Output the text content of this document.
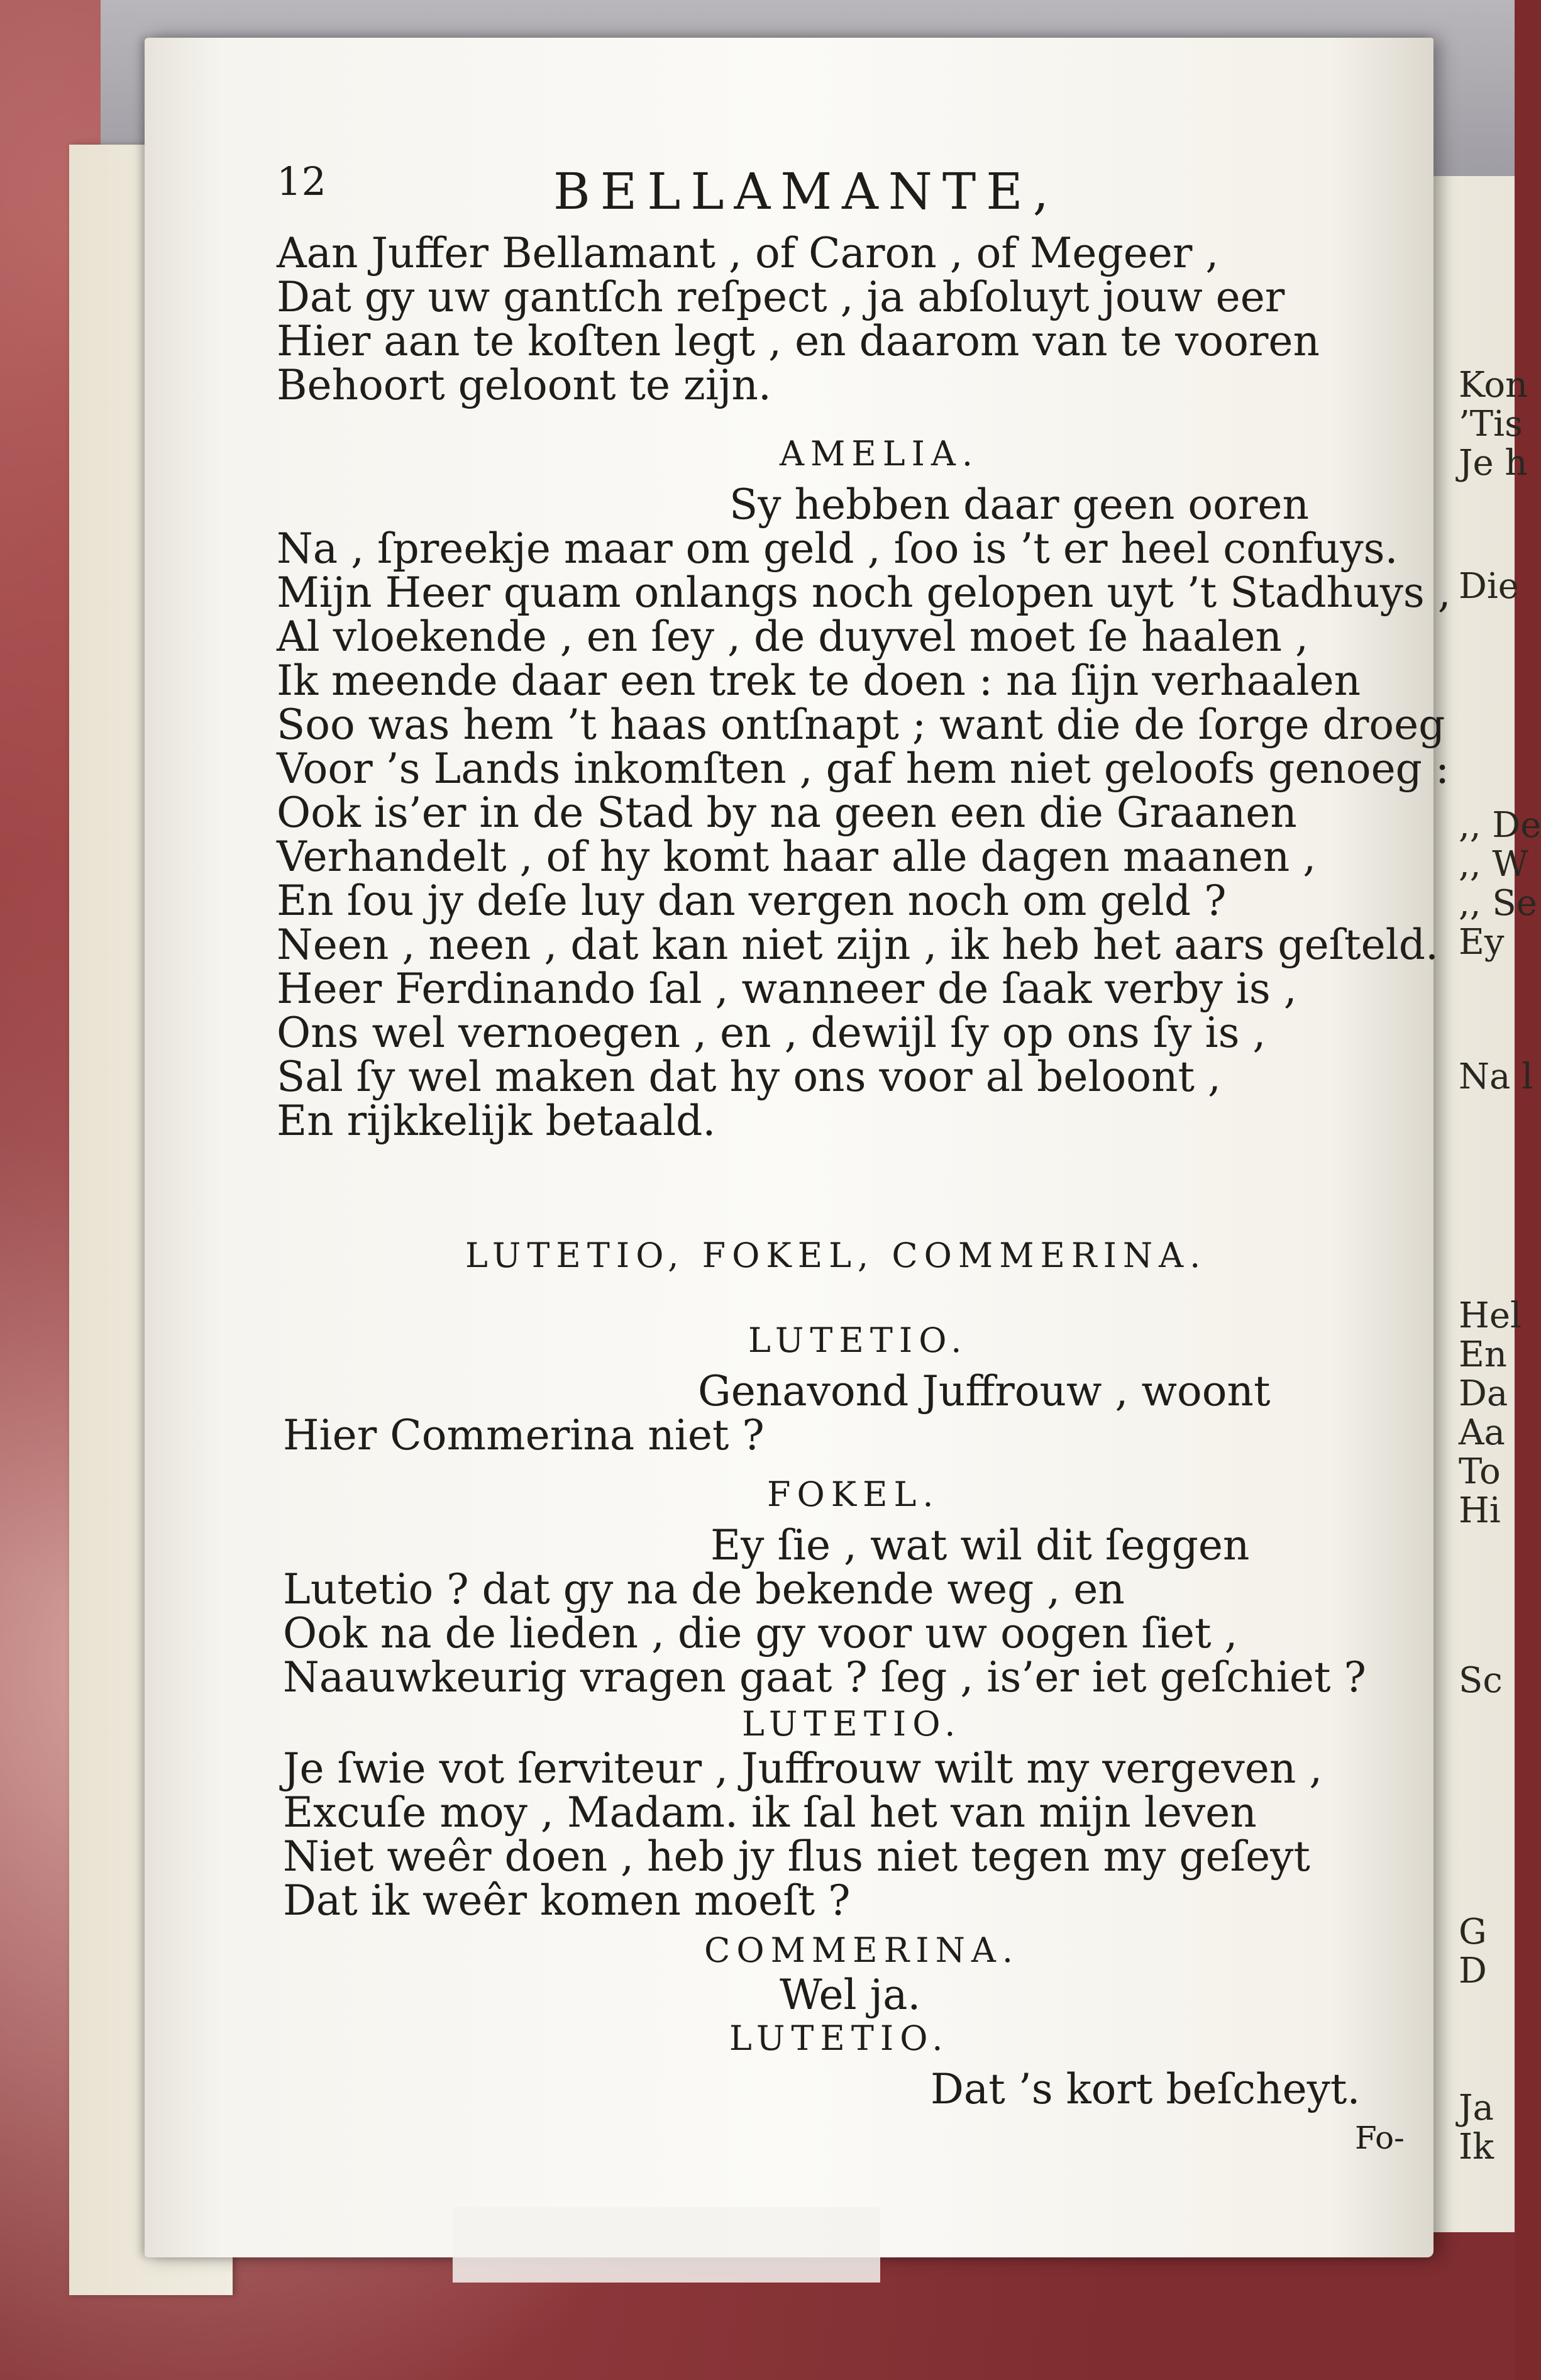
Kon
’Tis
Je h
Die
,, De
,, W
,, Se
Ey
Na l
Hel
En
Da
Aa
To
Hi
Sc
G
D
Ja
Ik
12	BELLAMANTE,
Aan Juffer Bellamant , of Caron , of Megeer ,
Dat gy uw gantſch reſpect , ja abſoluyt jouw eer
Hier aan te koſten legt , en daarom van te vooren
Behoort geloont te zijn.
AMELIA.
Sy hebben daar geen ooren
Na , ſpreekje maar om geld , ſoo is ’t er heel confuys.
Mijn Heer quam onlangs noch gelopen uyt ’t Stadhuys ,
Al vloekende , en ſey , de duyvel moet ſe haalen ,
Ik meende daar een trek te doen : na ſijn verhaalen
Soo was hem ’t haas ontſnapt ; want die de ſorge droeg
Voor ’s Lands inkomſten , gaf hem niet geloofs genoeg :
Ook is’er in de Stad by na geen een die Graanen
Verhandelt , of hy komt haar alle dagen maanen ,
En ſou jy deſe luy dan vergen noch om geld ?
Neen , neen , dat kan niet zijn , ik heb het aars geſteld.
Heer Ferdinando ſal , wanneer de ſaak verby is ,
Ons wel vernoegen , en , dewijl ſy op ons ſy is ,
Sal ſy wel maken dat hy ons voor al beloont ,
En rijkkelijk betaald.
LUTETIO, FOKEL, COMMERINA.
LUTETIO.
Genavond Juffrouw , woont
Hier Commerina niet ?
FOKEL.
Ey ſie , wat wil dit ſeggen
Lutetio ? dat gy na de bekende weg , en
Ook na de lieden , die gy voor uw oogen ſiet ,
Naauwkeurig vragen gaat ? ſeg , is’er iet geſchiet ?
LUTETIO.
Je ſwie vot ſerviteur , Juffrouw wilt my vergeven ,
Excuſe moy , Madam. ik ſal het van mijn leven
Niet weêr doen , heb jy flus niet tegen my geſeyt
Dat ik weêr komen moeſt ?
COMMERINA.
Wel ja.
LUTETIO.
Dat ’s kort beſcheyt.
Fo-
